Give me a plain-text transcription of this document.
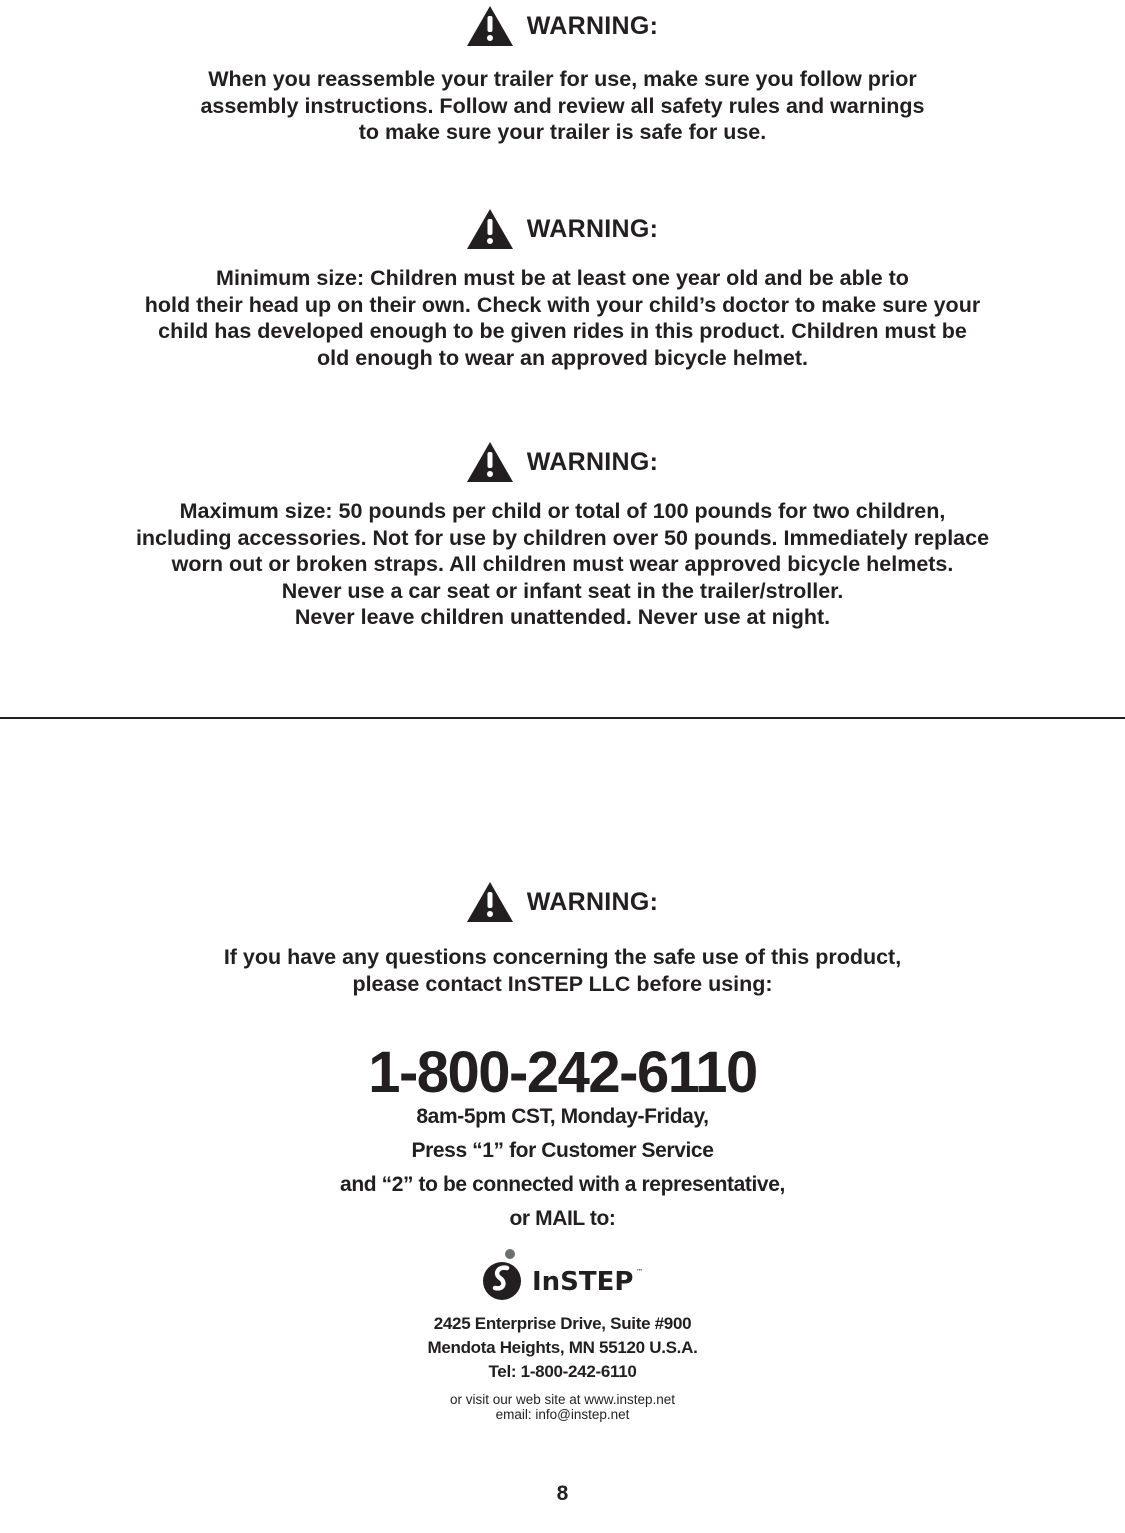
WARNING:

When you reassemble your trailer for use, make sure you follow prior

assembly instructions. Follow and review all safety rules and warnings

to make sure your trailer is safe for use.

WARNING:

Minimum size: Children must be at least one year old and be able to

hold their head up on their own. Check with your child’s doctor to make sure your

child has developed enough to be given rides in this product. Children must be

old enough to wear an approved bicycle helmet.

WARNING:

Maximum size: 50 pounds per child or total of 100 pounds for two children,

including accessories. Not for use by children over 50 pounds. Immediately replace

worn out or broken straps. All children must wear approved bicycle helmets.

Never use a car seat or infant seat in the trailer/stroller.

Never leave children unattended. Never use at night.

WARNING:

If you have any questions concerning the safe use of this product,

please contact InSTEP LLC before using:

1-800-242-6110

8am-5pm CST, Monday-Friday,

Press “1” for Customer Service

and “2” to be connected with a representative,

or MAIL to:

InSTEP ™

2425 Enterprise Drive, Suite #900

Mendota Heights, MN 55120 U.S.A.

Tel: 1-800-242-6110

or visit our web site at www.instep.net

email: info@instep.net

8
